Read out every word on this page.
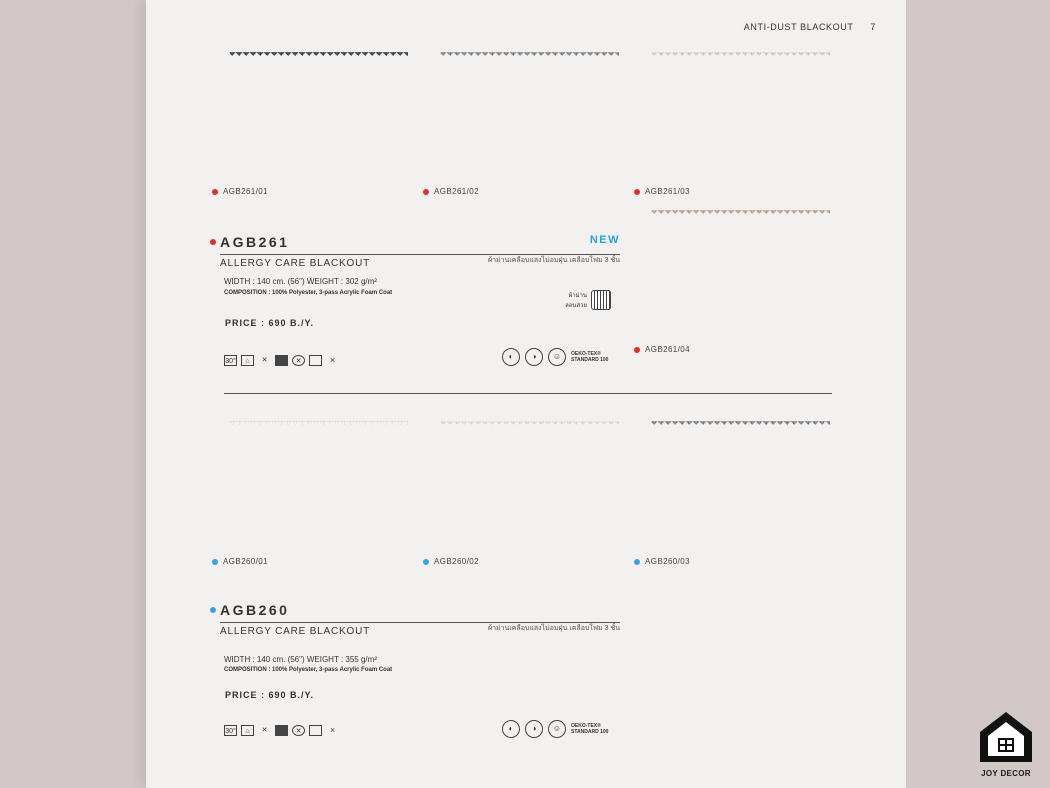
ANTI-DUST BLACKOUT 7
AGB261/01	AGB261/02	AGB261/03
AGB261/04
AGB261	NEW
ALLERGY CARE BLACKOUT	ผ้าม่านเคลือบแสงไม่อมฝุ่น เคลือบโฟม 3 ชั้น
WIDTH : 140 cm. (56") WEIGHT : 302 g/m²
COMPOSITION : 100% Polyester, 3-pass Acrylic Foam Coat
PRICE : 690 B./Y.
ผ้าม่าน ลอนสวย
30°	⌂	✕	✕	⨯	◐	◑	☺	OEKO-TEX®
STANDARD 100
AGB260/01	AGB260/02	AGB260/03
AGB260
ALLERGY CARE BLACKOUT	ผ้าม่านเคลือบแสงไม่อมฝุ่น เคลือบโฟม 3 ชั้น
WIDTH : 140 cm. (56") WEIGHT : 355 g/m²
COMPOSITION : 100% Polyester, 3-pass Acrylic Foam Coat
PRICE : 690 B./Y.
30°	⌂	✕	✕	⨯	◐	◑	☺	OEKO-TEX®
STANDARD 100
JOY DECOR
